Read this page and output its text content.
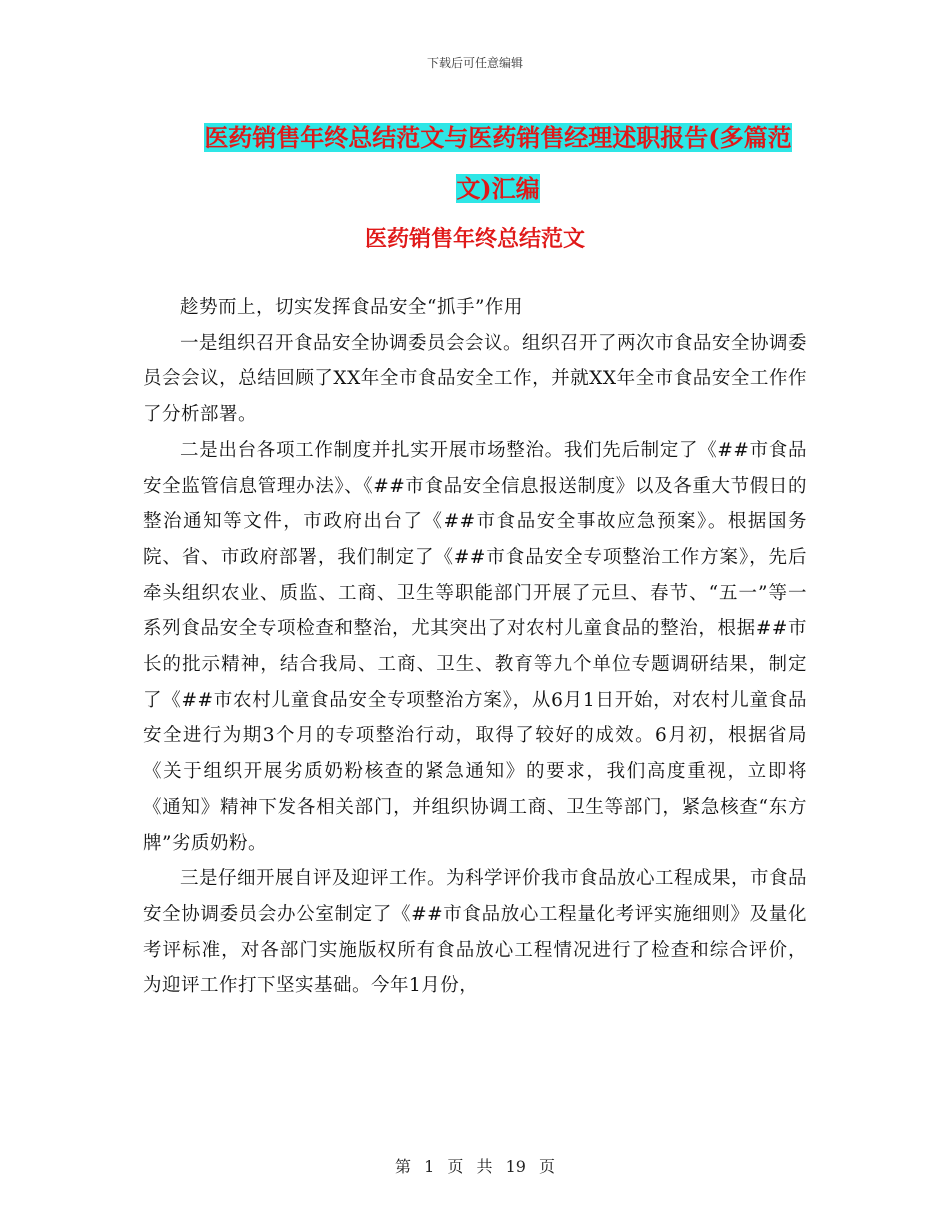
下载后可任意编辑
医药销售年终总结范文与医药销售经理述职报告(多篇范文)汇编
医药销售年终总结范文

趁势而上，切实发挥食品安全“抓手”作用

一是组织召开食品安全协调委员会会议。组织召开了两次市食品安全协调委员会会议，总结回顾了XX年全市食品安全工作，并就XX年全市食品安全工作作了分析部署。

二是出台各项工作制度并扎实开展市场整治。我们先后制定了《##市食品安全监管信息管理办法》、《##市食品安全信息报送制度》以及各重大节假日的整治通知等文件，市政府出台了《##市食品安全事故应急预案》。根据国务院、省、市政府部署，我们制定了《##市食品安全专项整治工作方案》，先后牵头组织农业、质监、工商、卫生等职能部门开展了元旦、春节、“五一”等一系列食品安全专项检查和整治，尤其突出了对农村儿童食品的整治，根据##市长的批示精神，结合我局、工商、卫生、教育等九个单位专题调研结果，制定了《##市农村儿童食品安全专项整治方案》，从6月1日开始，对农村儿童食品安全进行为期3个月的专项整治行动，取得了较好的成效。6月初，根据省局《关于组织开展劣质奶粉核查的紧急通知》的要求，我们高度重视，立即将《通知》精神下发各相关部门，并组织协调工商、卫生等部门，紧急核查“东方牌”劣质奶粉。

三是仔细开展自评及迎评工作。为科学评价我市食品放心工程成果，市食品安全协调委员会办公室制定了《##市食品放心工程量化考评实施细则》及量化考评标准，对各部门实施版权所有食品放心工程情况进行了检查和综合评价，为迎评工作打下坚实基础。今年1月份，

第 1 页 共 19 页
